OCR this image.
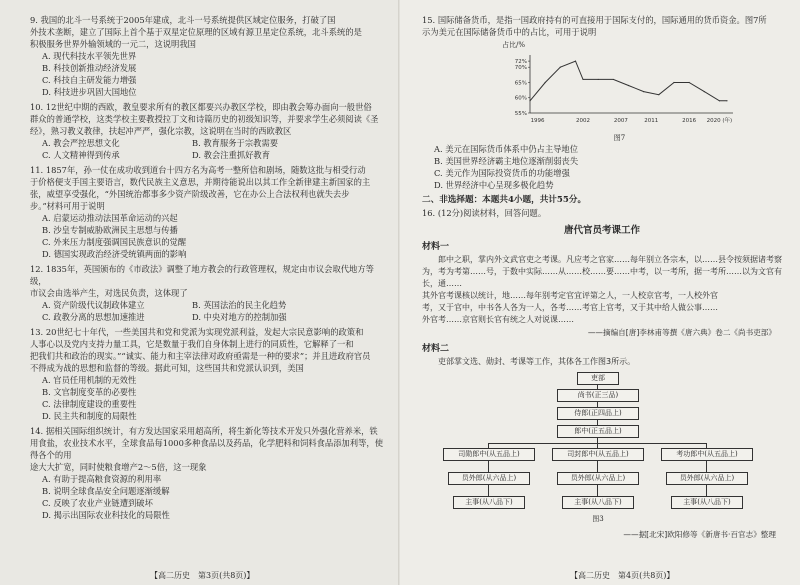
9. 我国的北斗一号系统于2005年建成，北斗一号系统提供区域定位服务，打破了国

外技术垄断，建立了国际上首个基于双星定位原理的区域有源卫星定位系统，北斗系统的是

积极服务世界外输领域的一元二，这说明我国

A. 现代科技水平领先世界

B. 科技创新推动经济发展

C. 科技自主研发能力增强

D. 科技进步巩固大国地位

10. 12世纪中期的西欧，教皇要求所有的教区都要兴办教区学校，即由教会筹办面向一般世俗

群众的普通学校，这类学校主要教授拉丁文和诗篇历史的初级知识等，并要求学生必须阅读《圣

经》，熟习教义教律，扶起冲严严，强化宗教，这说明在当时的西欧教区

A. 教会严控思想文化	B. 教育服务于宗教需要
C. 人文精神得到传承	D. 教会注重抓好教育

11. 1857年，孙一仗在成功收到道台十四方名为高考一整所信和剧场，随数这批与相受行动

于价格便支手国主要语言，数代民族主义意思，并期待能说出以其工作全新律建主新国家的主

张，威望享受强化，“外国统治都事多少资产阶级改善，它在办公上合法权利也就失去步

步。”材料可用于说明

A. 启蒙运动推动法国革命运动的兴起

B. 沙皇专制威胁欧洲民主思想与传播

C. 外来压力制度强调国民族意识的觉醒

D. 德国实现政治经济受统镇两面的影响

12. 1835年，英国颁布的《市政法》调整了地方教会的行政管理权，规定由市议会取代地方等级，

市议会由选举产生，对选民负责，这体现了

A. 资产阶级代议制政体建立	B. 英国法治的民主化趋势
C. 政教分离的思想加速推进	D. 中央对地方的控制加强

13. 20世纪七十年代，一些美国共和党和党派为实现党派利益，发起大宗民意影响的政策和

人事心以及党内支持力量工具，它是数量于我们自身体制上进行的同质性，它解释了一和

把我们共和政治的现实。”“诚实、能力和主宰法律对政府亟需是一种的要求”；并且进政府官员

不得成为战的思想和监督的等级。据此可知，这些国共和党派认识到，美国

A. 官员任用机制的无效性

B. 文官制度变革的必要性

C. 法律制度建设的重要性

D. 民主共和制度的局限性

14. 据相关国际组织统计，有方发达国家采用超高所，将生新化等技术开发只外强化营养米，铁

用食盐，农业技术水平，全球食品每1000多种食品以及药品，化学肥料和饲料食品添加利等，使得各个的用

途大大扩宽，同时使粮食增产2～5倍，这一现象

A. 有助于提高粮食资源的利用率

B. 说明全球食品安全问题逐渐缓解

C. 反映了农业产业链遭到破坏

D. 揭示出国际农业科技化的局限性

【高二历史　第3页(共8页)】

15. 国际储备货币，是指一国政府持有的可直接用于国际支付的，国际通用的货币资金。图7所

示为美元在国际储备货币中的占比，可用于说明

占比/%
72%
70%
65%
60%
55%
1996	2002	2007	2011	2016 2020 (年)
图7

A. 美元在国际货币体系中仍占主导地位

B. 美国世界经济霸主地位逐渐削弱丧失

C. 美元作为国际投资货币的功能增强

D. 世界经济中心呈现多极化趋势

二、非选择题：本题共4小题，共计55分。
16. (12分)阅读材料，回答问题。
唐代官员考课工作
材料一

郎中之职，掌内外文武官吏之考课。凡应考之官家……每年别立各宗本，以……县令按须据诸考察

为，考为考第……号，于数中实际……从……校……要……中考，以一考所，据一考所……以为文官有长，通……

其外官考课核以统计，地……每年别考定官宜评第之人，一人校京官考，一人校外官

考，又于官中，中书各人各为一人，各考……考官上官考，又于其中给人做公事……

外官考……京官则长官有统之人对说课……

——摘编自[唐]李林甫等撰《唐六典》卷二《尚书吏部》
材料二

吏部掌文选、勋封、考课等工作，其体各工作图3所示。

吏部
尚书(正三品)
侍郎(正四品上)
郎中(正五品上)
司勋郎中(从五品上)	司封郎中(从五品上)	考功郎中(从五品上)
员外郎(从六品上)	员外郎(从六品上)	员外郎(从六品上)
主事(从八品下)	主事(从八品下)	主事(从八品下)
图3
——据[北宋]欧阳修等《新唐书·百官志》整理
【高二历史　第4页(共8页)】
